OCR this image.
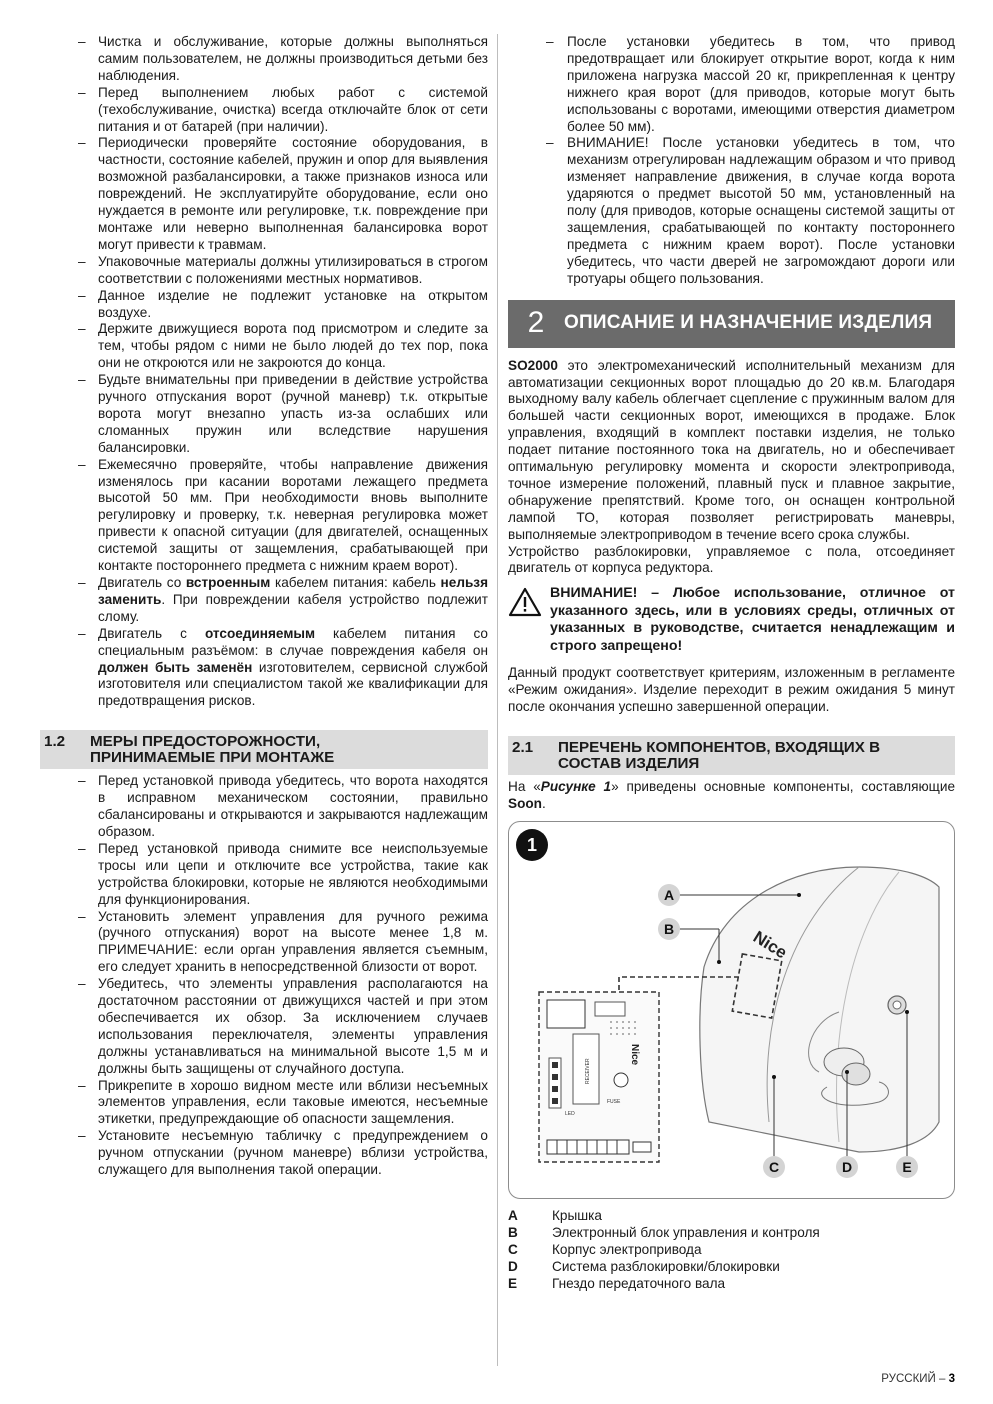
– Чистка и обслуживание, которые должны выполняться самим пользователем, не должны производиться детьми без наблюдения.
– Перед выполнением любых работ с системой (техобслуживание, очистка) всегда отключайте блок от сети питания и от батарей (при наличии).
– Периодически проверяйте состояние оборудования, в частности, состояние кабелей, пружин и опор для выявления возможной разбалансировки, а также признаков износа или повреждений. Не эксплуатируйте оборудование, если оно нуждается в ремонте или регулировке, т.к. повреждение при монтаже или неверно выполненная балансировка ворот могут привести к травмам.
– Упаковочные материалы должны утилизироваться в строгом соответствии с положениями местных нормативов.
– Данное изделие не подлежит установке на открытом воздухе.
– Держите движущиеся ворота под присмотром и следите за тем, чтобы рядом с ними не было людей до тех пор, пока они не откроются или не закроются до конца.
– Будьте внимательны при приведении в действие устройства ручного отпускания ворот (ручной маневр) т.к. открытые ворота могут внезапно упасть из-за ослабших или сломанных пружин или вследствие нарушения балансировки.
– Ежемесячно проверяйте, чтобы направление движения изменялось при касании воротами лежащего предмета высотой 50 мм. При необходимости вновь выполните регулировку и проверку, т.к. неверная регулировка может привести к опасной ситуации (для двигателей, оснащенных системой защиты от защемления, срабатывающей при контакте постороннего предмета с нижним краем ворот).
– Двигатель со встроенным кабелем питания: кабель нельзя заменить. При повреждении кабеля устройство подлежит слому.
– Двигатель с отсоединяемым кабелем питания со специальным разъёмом: в случае повреждения кабеля он должен быть заменён изготовителем, сервисной службой изготовителя или специалистом такой же квалификации для предотвращения рисков.
1.2	МЕРЫ ПРЕДОСТОРОЖНОСТИ,
ПРИНИМАЕМЫЕ ПРИ МОНТАЖЕ
– Перед установкой привода убедитесь, что ворота находятся в исправном механическом состоянии, правильно сбалансированы и открываются и закрываются надлежащим образом.
– Перед установкой привода снимите все неиспользуемые тросы или цепи и отключите все устройства, такие как устройства блокировки, которые не являются необходимыми для функционирования.
– Установить элемент управления для ручного режима (ручного отпускания) ворот на высоте менее 1,8 м. ПРИМЕЧАНИЕ: если орган управления является съемным, его следует хранить в непосредственной близости от ворот.
– Убедитесь, что элементы управления располагаются на достаточном расстоянии от движущихся частей и при этом обеспечивается их обзор. За исключением случаев использования переключателя, элементы управления должны устанавливаться на минимальной высоте 1,5 м и должны быть защищены от случайного доступа.
– Прикрепите в хорошо видном месте или вблизи несъемных элементов управления, если таковые имеются, несъемные этикетки, предупреждающие об опасности защемления.
– Установите несъемную табличку с предупреждением о ручном отпускании (ручном маневре) вблизи устройства, служащего для выполнения такой операции.
– После установки убедитесь в том, что привод предотвращает или блокирует открытие ворот, когда к ним приложена нагрузка массой 20 кг, прикрепленная к центру нижнего края ворот (для приводов, которые могут быть использованы с воротами, имеющими отверстия диаметром более 50 мм).
– ВНИМАНИЕ! После установки убедитесь в том, что механизм отрегулирован надлежащим образом и что привод изменяет направление движения, в случае когда ворота ударяются о предмет высотой 50 мм, установленный на полу (для приводов, которые оснащены системой защиты от защемления, срабатывающей по контакту постороннего предмета с нижним краем ворот). После установки убедитесь, что части дверей не загромождают дороги или тротуары общего пользования.
2	ОПИСАНИЕ И НАЗНАЧЕНИЕ ИЗДЕЛИЯ

SO2000 это электромеханический исполнительный механизм для автоматизации секционных ворот площадью до 20 кв.м. Благодаря выходному валу кабель облегчает сцепление с пружинным валом для большей части секционных ворот, имеющихся в продаже. Блок управления, входящий в комплект поставки изделия, не только подает питание постоянного тока на двигатель, но и обеспечивает оптимальную регулировку момента и скорости электропривода, точное измерение положений, плавный пуск и плавное закрытие, обнаружение препятствий. Кроме того, он оснащен контрольной лампой TO, которая позволяет регистрировать маневры, выполняемые электроприводом в течение всего срока службы.

Устройство разблокировки, управляемое с пола, отсоединяет двигатель от корпуса редуктора.

ВНИМАНИЕ! – Любое использование, отличное от указанного здесь, или в условиях среды, отличных от указанных в руководстве, считается ненадлежащим и строго запрещено!

Данный продукт соответствует критериям, изложенным в регламенте «Режим ожидания». Изделие переходит в режим ожидания 5 минут после окончания успешно завершенной операции.

2.1	ПЕРЕЧЕНЬ КОМПОНЕНТОВ, ВХОДЯЩИХ В
СОСТАВ ИЗДЕЛИЯ

На «Рисунке 1» приведены основные компоненты, составляющие Soon.

1
Nice
RECEIVER
Nice
FUSE
LED
A
B
C	D	E
A	Крышка
B	Электронный блок управления и контроля
C	Корпус электропривода
D	Система разблокировки/блокировки
E	Гнездо передаточного вала
РУССКИЙ – 3
